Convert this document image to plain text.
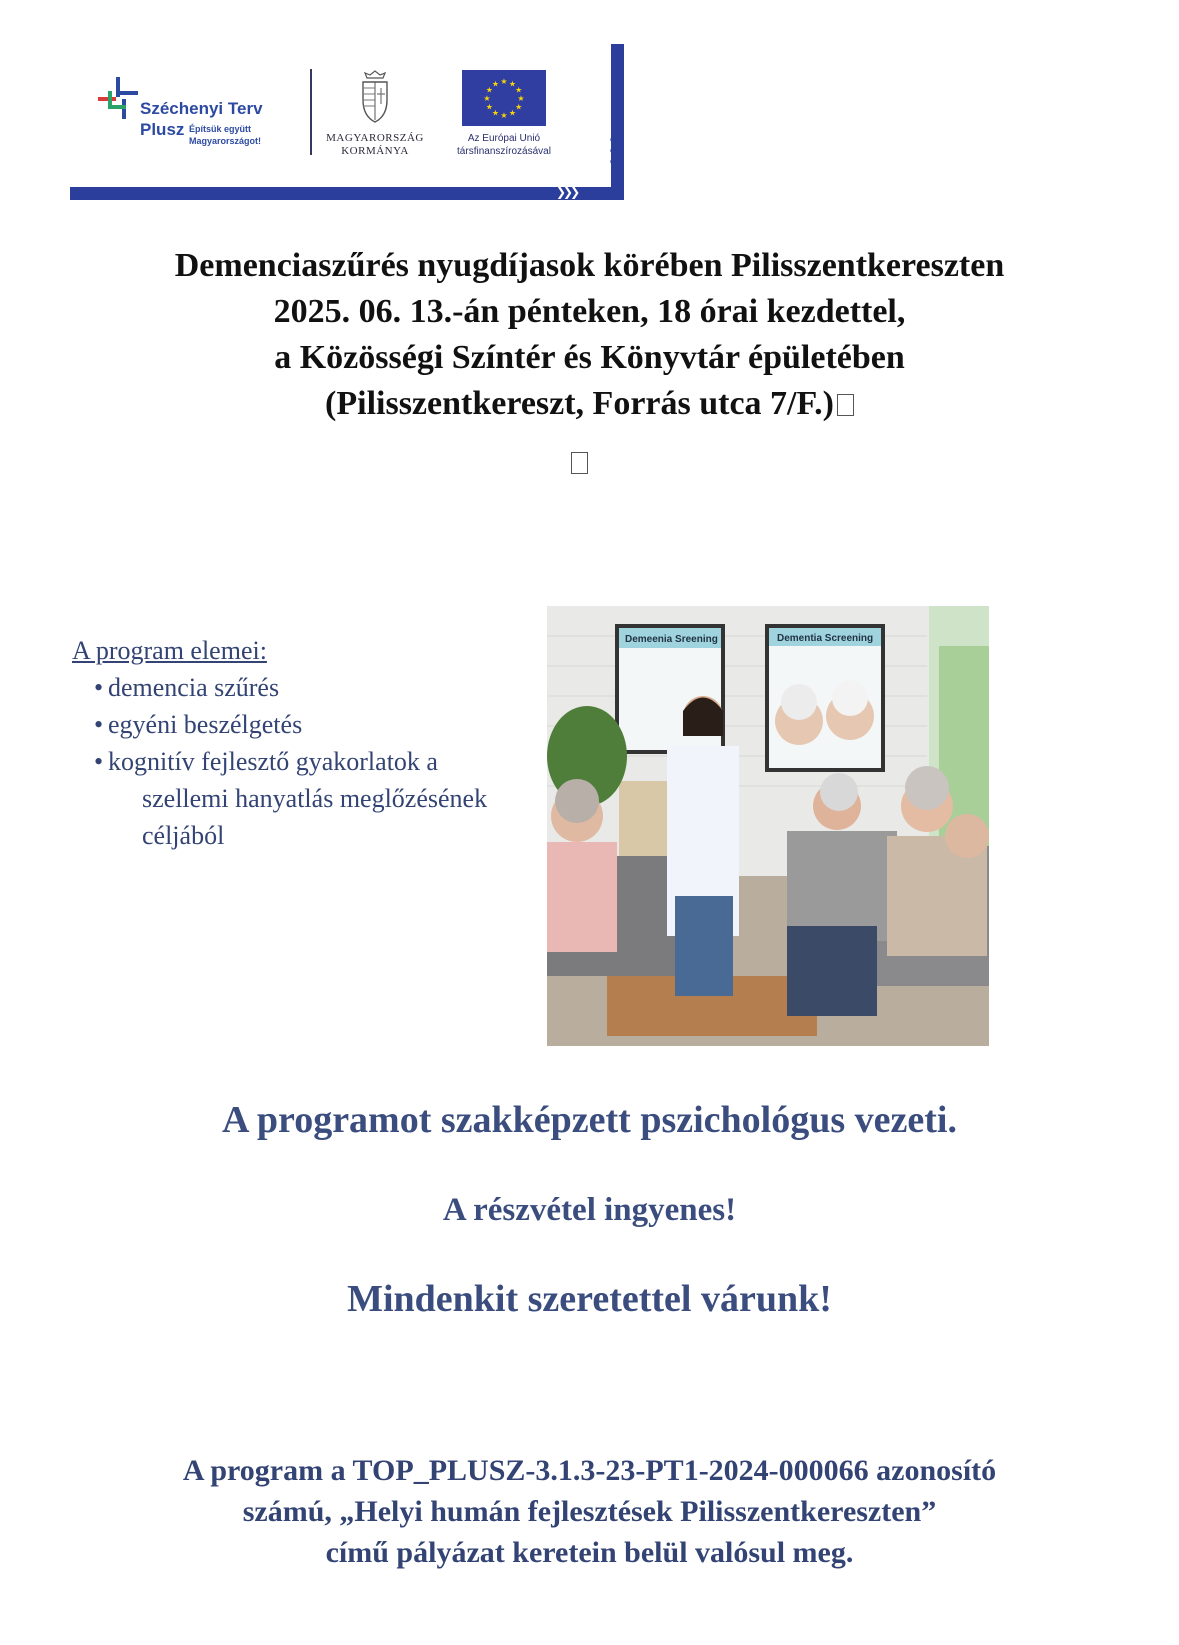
❯❯❯
❯
❯
❯
Széchenyi Terv
Plusz Építsük együtt
Magyarországot!	MAGYARORSZÁG
KORMÁNYA
★ ★
★
★
★
★
★
★
★
★
★
★
Az Európai Unió
társfinanszírozásával
Demenciaszűrés nyugdíjasok körében Pilisszentkereszten
2025. 06. 13.-án pénteken, 18 órai kezdettel,
a Közösségi Színtér és Könyvtár épületében
(Pilisszentkereszt, Forrás utca 7/F.)
A program elemei:
• demencia szűrés
• egyéni beszélgetés
• kognitív fejlesztő gyakorlatok a
szellemi hanyatlás meglőzésének
céljából
Demeenia Sreening	Dementia Screening
A programot szakképzett pszichológus vezeti.
A részvétel ingyenes!
Mindenkit szeretettel várunk!
A program a TOP_PLUSZ-3.1.3-23-PT1-2024-000066 azonosító
számú, „Helyi humán fejlesztések Pilisszentkereszten”
című pályázat keretein belül valósul meg.
